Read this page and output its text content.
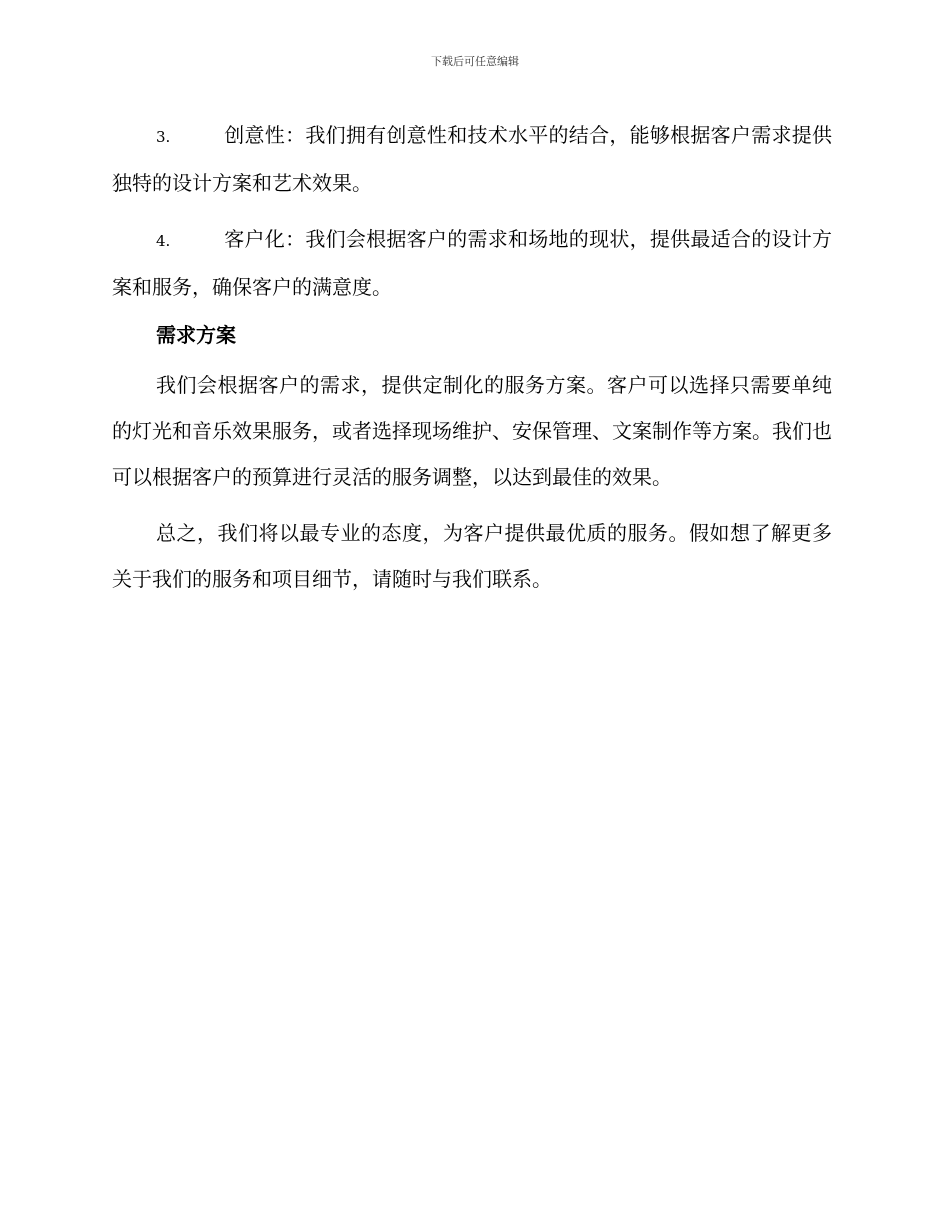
下载后可任意编辑

3.	创意性：我们拥有创意性和技术水平的结合，能够根据客户需求提供独特的设计方案和艺术效果。

4.	客户化：我们会根据客户的需求和场地的现状，提供最适合的设计方案和服务，确保客户的满意度。

需求方案

我们会根据客户的需求，提供定制化的服务方案。客户可以选择只需要单纯的灯光和音乐效果服务，或者选择现场维护、安保管理、文案制作等方案。我们也可以根据客户的预算进行灵活的服务调整，以达到最佳的效果。

总之，我们将以最专业的态度，为客户提供最优质的服务。假如想了解更多关于我们的服务和项目细节，请随时与我们联系。
